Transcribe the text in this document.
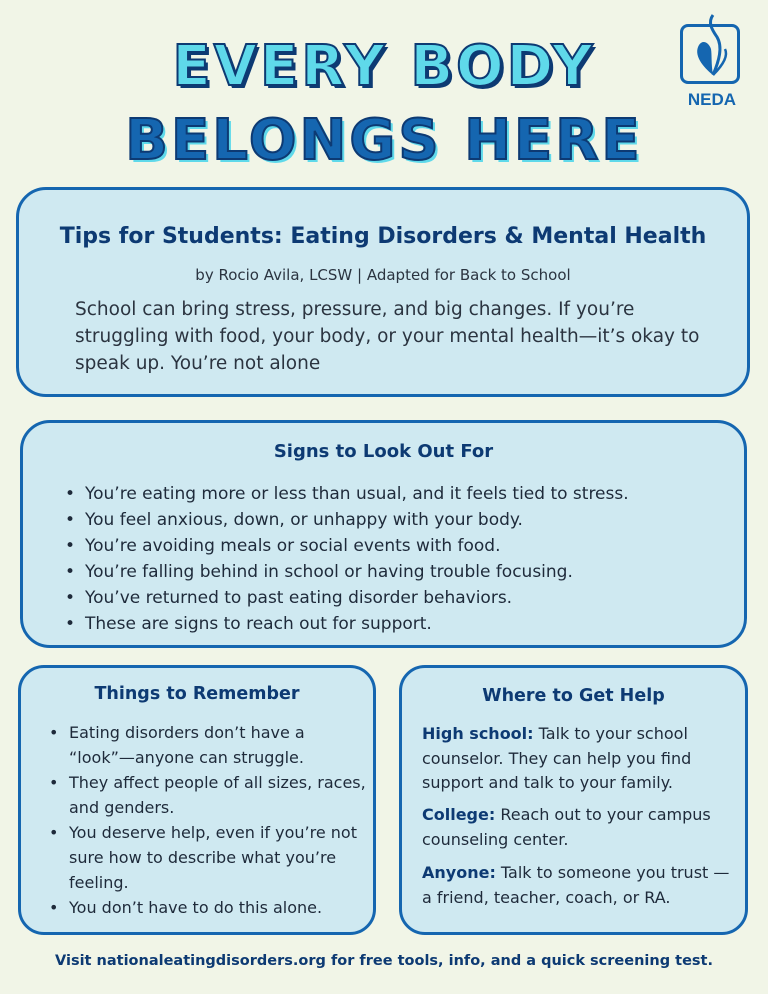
EVERY BODY
BELONGS HERE
NEDA
Tips for Students: Eating Disorders & Mental Health
by Rocio Avila, LCSW | Adapted for Back to School
School can bring stress, pressure, and big changes. If you’re struggling with food, your body, or your mental health—it’s okay to speak up. You’re not alone
Signs to Look Out For
• You’re eating more or less than usual, and it feels tied to stress.
• You feel anxious, down, or unhappy with your body.
• You’re avoiding meals or social events with food.
• You’re falling behind in school or having trouble focusing.
• You’ve returned to past eating disorder behaviors.
• These are signs to reach out for support.
Things to Remember
• Eating disorders don’t have a “look”—anyone can struggle.
• They affect people of all sizes, races, and genders.
• You deserve help, even if you’re not sure how to describe what you’re feeling.
• You don’t have to do this alone.
Where to Get Help
High school: Talk to your school counselor. They can help you find support and talk to your family.
College: Reach out to your campus counseling center.
Anyone: Talk to someone you trust —a friend, teacher, coach, or RA.
Visit nationaleatingdisorders.org for free tools, info, and a quick screening test.
